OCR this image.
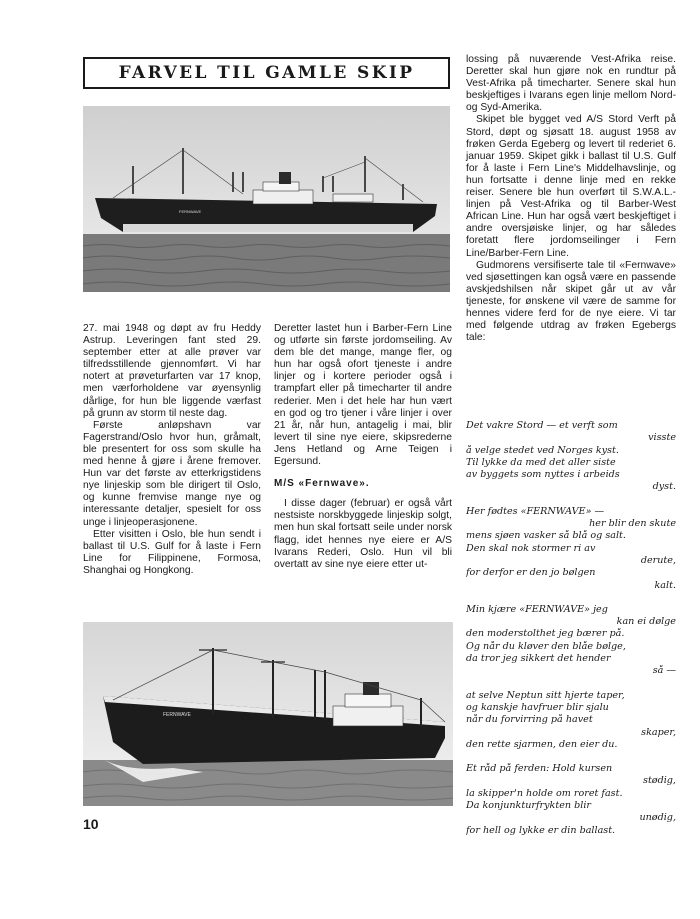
FARVEL TIL GAMLE SKIP
FERNWAVE

27. mai 1948 og døpt av fru Heddy Astrup. Leveringen fant sted 29. september etter at alle prøver var tilfredsstillende gjennomført. Vi har notert at prøveturfarten var 17 knop, men værforholdene var øyensynlig dårlige, for hun ble liggende værfast på grunn av storm til neste dag.

Første anløpshavn var Fagerstrand/Oslo hvor hun, gråmalt, ble presentert for oss som skulle ha med henne å gjøre i årene fremover. Hun var det første av etterkrigstidens nye linjeskip som ble dirigert til Oslo, og kunne fremvise mange nye og interessante detaljer, spesielt for oss unge i linjeoperasjonene.

Etter visitten i Oslo, ble hun sendt i ballast til U.S. Gulf for å laste i Fern Line for Filippinene, Formosa, Shanghai og Hongkong.

Deretter lastet hun i Barber-Fern Line og utførte sin første jordomseiling. Av dem ble det mange, mange fler, og hun har også ofort tjeneste i andre linjer og i kortere perioder også i trampfart eller på timecharter til andre rederier. Men i det hele har hun vært en god og tro tjener i våre linjer i over 21 år, når hun, antagelig i mai, blir levert til sine nye eiere, skipsrederne Jens Hetland og Arne Teigen i Egersund.

M/S «Fernwave».

I disse dager (februar) er også vårt nestsiste norskbyggede linjeskip solgt, men hun skal fortsatt seile under norsk flagg, idet hennes nye eiere er A/S Ivarans Rederi, Oslo. Hun vil bli overtatt av sine nye eiere etter ut-

lossing på nuværende Vest-Afrika reise. Deretter skal hun gjøre nok en rundtur på Vest-Afrika på timecharter. Senere skal hun beskjeftiges i Ivarans egen linje mellom Nord- og Syd-Amerika.

Skipet ble bygget ved A/S Stord Verft på Stord, døpt og sjøsatt 18. august 1958 av frøken Gerda Egeberg og levert til rederiet 6. januar 1959. Skipet gikk i ballast til U.S. Gulf for å laste i Fern Line's Middelhavslinje, og hun fortsatte i denne linje med en rekke reiser. Senere ble hun overført til S.W.A.L.-linjen på Vest-Afrika og til Barber-West African Line. Hun har også vært beskjeftiget i andre oversjøiske linjer, og har således foretatt flere jordomseilinger i Fern Line/Barber-Fern Line.

Gudmorens versifiserte tale til «Fernwave» ved sjøsettingen kan også være en passende avskjedshilsen når skipet går ut av vår tjeneste, for ønskene vil være de samme for hennes videre ferd for de nye eiere. Vi tar med følgende utdrag av frøken Egebergs tale:

Det vakre Stord — et verft som
visste
å velge stedet ved Norges kyst.
Til lykke da med det aller siste
av byggets som nyttes i arbeids
dyst.
Her fødtes «FERNWAVE» —
her blir den skute
mens sjøen vasker så blå og salt.
Den skal nok stormer ri av
derute,
for derfor er den jo bølgen
kalt.
Min kjære «FERNWAVE» jeg
kan ei dølge
den moderstolthet jeg bærer på.
Og når du kløver den blåe bølge,
da tror jeg sikkert det hender
så —
at selve Neptun sitt hjerte taper,
og kanskje havfruer blir sjalu
når du forvirring på havet
skaper,
den rette sjarmen, den eier du.
Et råd på ferden: Hold kursen
stødig,
la skipper'n holde om roret fast.
Da konjunkturfrykten blir
unødig,
for hell og lykke er din ballast.
FERNWAVE
10
